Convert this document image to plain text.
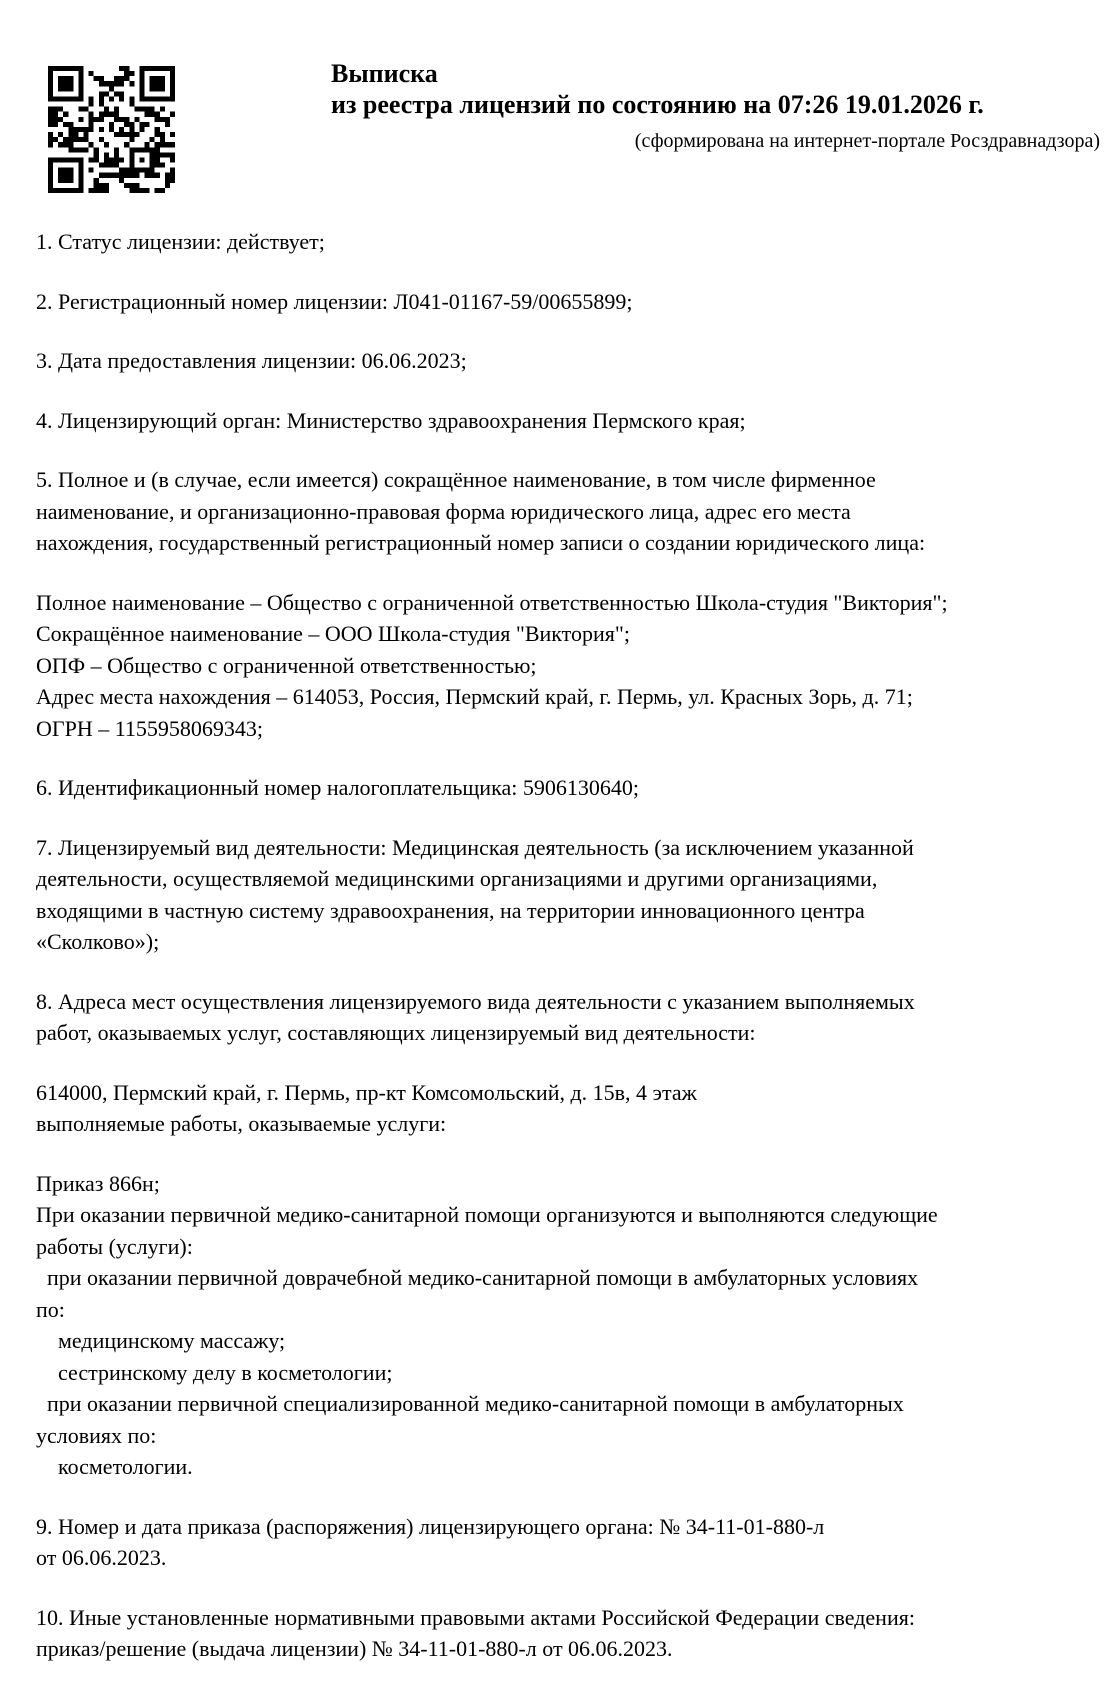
Выписка
из реестра лицензий по состоянию на 07:26 19.01.2026 г.
(сформирована на интернет-портале Росздравнадзора)
1. Статус лицензии: действует;
2. Регистрационный номер лицензии: Л041-01167-59/00655899;
3. Дата предоставления лицензии: 06.06.2023;
4. Лицензирующий орган: Министерство здравоохранения Пермского края;
5. Полное и (в случае, если имеется) сокращённое наименование, в том числе фирменное
наименование, и организационно-правовая форма юридического лица, адрес его места
нахождения, государственный регистрационный номер записи о создании юридического лица:
Полное наименование – Общество с ограниченной ответственностью Школа-студия "Виктория";
Сокращённое наименование – ООО Школа-студия "Виктория";
ОПФ – Общество с ограниченной ответственностью;
Адрес места нахождения – 614053, Россия, Пермский край, г. Пермь, ул. Красных Зорь, д. 71;
ОГРН – 1155958069343;
6. Идентификационный номер налогоплательщика: 5906130640;
7. Лицензируемый вид деятельности: Медицинская деятельность (за исключением указанной
деятельности, осуществляемой медицинскими организациями и другими организациями,
входящими в частную систему здравоохранения, на территории инновационного центра
«Сколково»);
8. Адреса мест осуществления лицензируемого вида деятельности с указанием выполняемых
работ, оказываемых услуг, составляющих лицензируемый вид деятельности:
614000, Пермский край, г. Пермь, пр-кт Комсомольский, д. 15в, 4 этаж
выполняемые работы, оказываемые услуги:
Приказ 866н;
При оказании первичной медико-санитарной помощи организуются и выполняются следующие
работы (услуги):
при оказании первичной доврачебной медико-санитарной помощи в амбулаторных условиях
по:
медицинскому массажу;
сестринскому делу в косметологии;
при оказании первичной специализированной медико-санитарной помощи в амбулаторных
условиях по:
косметологии.
9. Номер и дата приказа (распоряжения) лицензирующего органа: № 34-11-01-880-л
от 06.06.2023.
10. Иные установленные нормативными правовыми актами Российской Федерации сведения:
приказ/решение (выдача лицензии) № 34-11-01-880-л от 06.06.2023.
